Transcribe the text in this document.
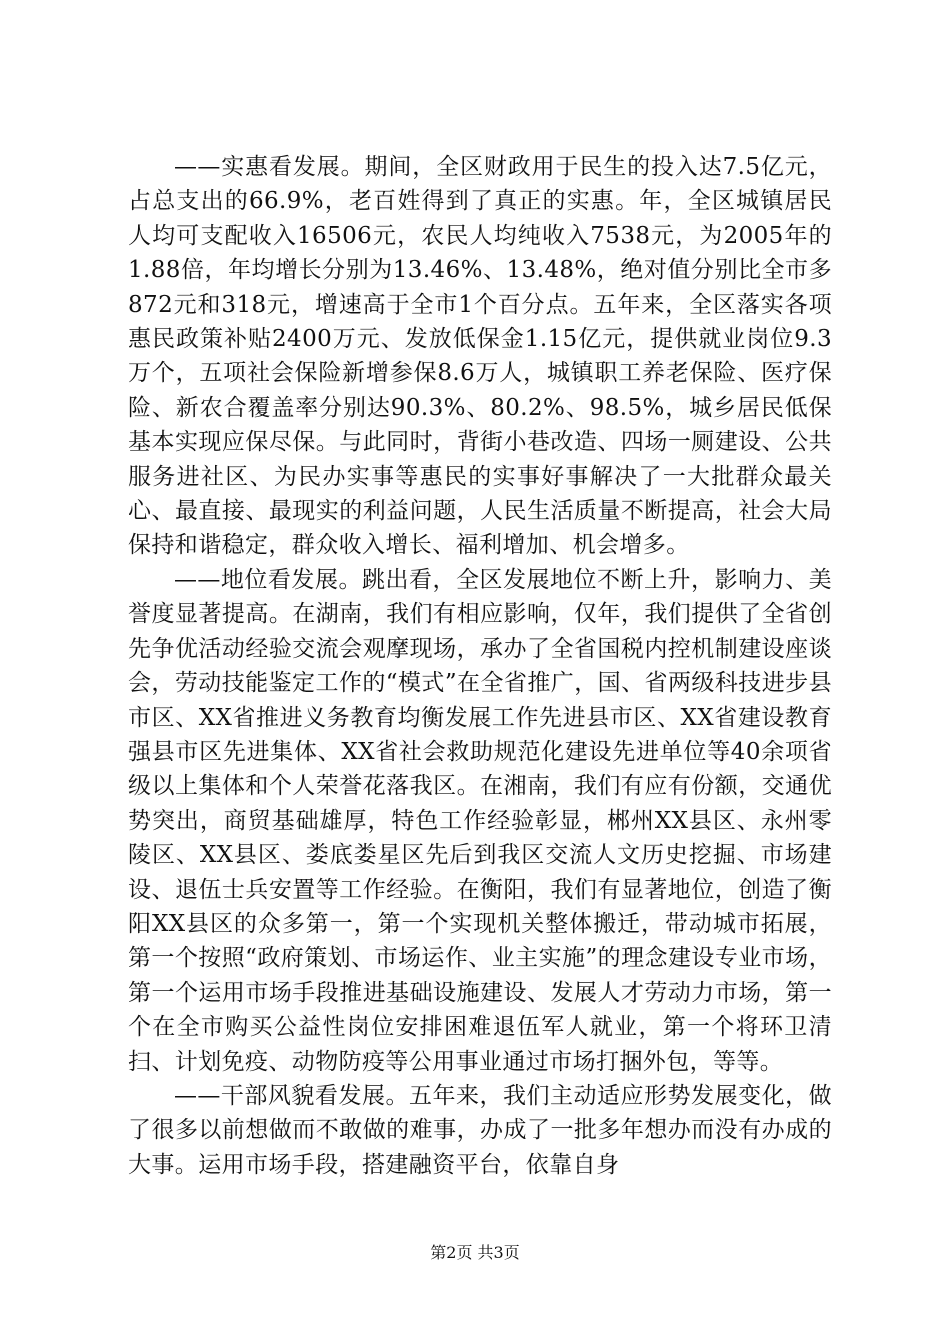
——实惠看发展。期间，全区财政用于民生的投入达7.5亿元，占总支出的66.9%，老百姓得到了真正的实惠。年，全区城镇居民人均可支配收入16506元，农民人均纯收入7538元，为2005年的1.88倍，年均增长分别为13.46%、13.48%，绝对值分别比全市多872元和318元，增速高于全市1个百分点。五年来，全区落实各项惠民政策补贴2400万元、发放低保金1.15亿元，提供就业岗位9.3万个，五项社会保险新增参保8.6万人，城镇职工养老保险、医疗保险、新农合覆盖率分别达90.3%、80.2%、98.5%，城乡居民低保基本实现应保尽保。与此同时，背街小巷改造、四场一厕建设、公共服务进社区、为民办实事等惠民的实事好事解决了一大批群众最关心、最直接、最现实的利益问题，人民生活质量不断提高，社会大局保持和谐稳定，群众收入增长、福利增加、机会增多。

——地位看发展。跳出看，全区发展地位不断上升，影响力、美誉度显著提高。在湖南，我们有相应影响，仅年，我们提供了全省创先争优活动经验交流会观摩现场，承办了全省国税内控机制建设座谈会，劳动技能鉴定工作的“模式”在全省推广，国、省两级科技进步县市区、XX省推进义务教育均衡发展工作先进县市区、XX省建设教育强县市区先进集体、XX省社会救助规范化建设先进单位等40余项省级以上集体和个人荣誉花落我区。在湘南，我们有应有份额，交通优势突出，商贸基础雄厚，特色工作经验彰显，郴州XX县区、永州零陵区、XX县区、娄底娄星区先后到我区交流人文历史挖掘、市场建设、退伍士兵安置等工作经验。在衡阳，我们有显著地位，创造了衡阳XX县区的众多第一，第一个实现机关整体搬迁，带动城市拓展，第一个按照“政府策划、市场运作、业主实施”的理念建设专业市场，第一个运用市场手段推进基础设施建设、发展人才劳动力市场，第一个在全市购买公益性岗位安排困难退伍军人就业，第一个将环卫清扫、计划免疫、动物防疫等公用事业通过市场打捆外包，等等。

——干部风貌看发展。五年来，我们主动适应形势发展变化，做了很多以前想做而不敢做的难事，办成了一批多年想办而没有办成的大事。运用市场手段，搭建融资平台，依靠自身

第2页 共3页
